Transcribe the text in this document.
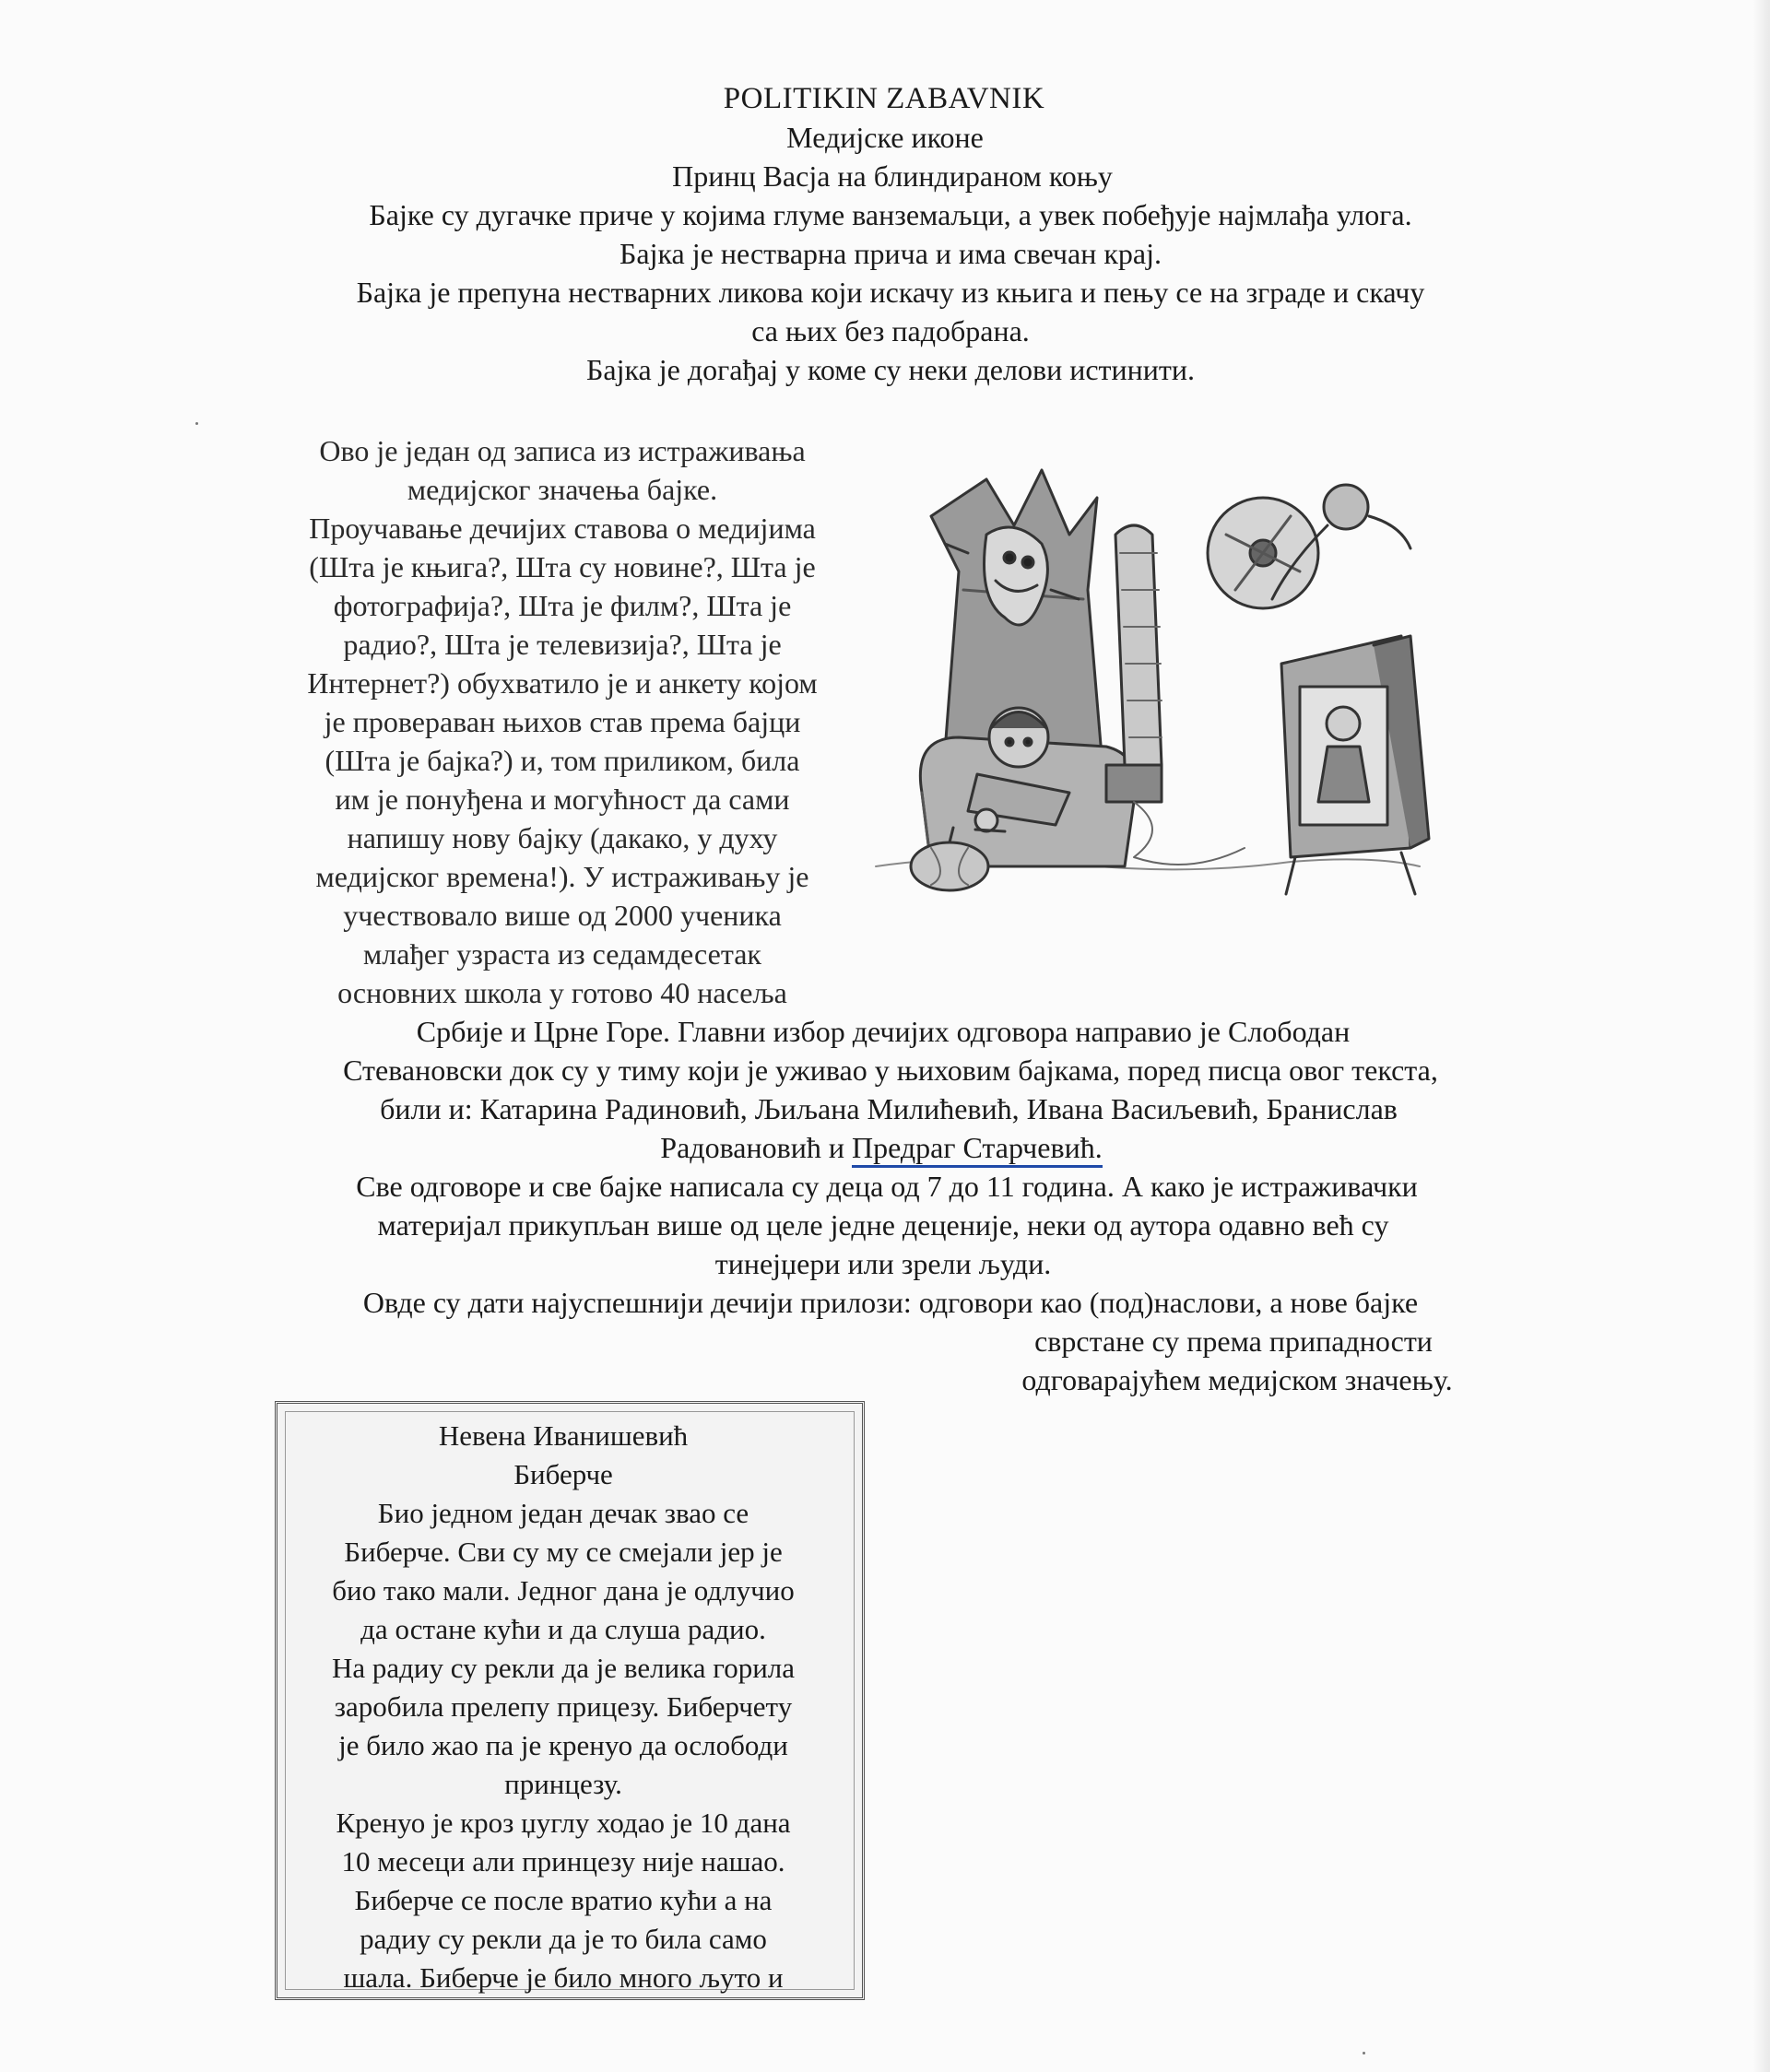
POLITIKIN ZABAVNIK
Медијске иконе
Принц Васја на блиндираном коњу
Бајке су дугачке приче у којима глуме ванземаљци, а увек побеђује најмлађа улога.
Бајка је нестварна прича и има свечан крај.
Бајка је препуна нестварних ликова који искачу из књига и пењу се на зграде и скачу
са њих без падобрана.
Бајка је догађај у коме су неки делови истинити.
Ово је један од записа из истраживања
медијског значења бајке.
Проучавање дечијих ставова о медијима
(Шта је књига?, Шта су новине?, Шта је
фотографија?, Шта је филм?, Шта је
радио?, Шта је телевизија?, Шта је
Интернет?) обухватило је и анкету којом
је проверaван њихов став према бајци
(Шта је бајка?) и, том приликом, била
им је понуђена и могућност да сами
напишу нову бајку (дакако, у духу
медијског времена!). У истраживању је
учествовало више од 2000 ученика
млађег узраста из седамдесетак
основних школа у готово 40 насеља
Србије и Црне Горе. Главни избор дечијих одговора направио је Слободан
Стевановски док су у тиму који је уживао у њиховим бајкама, поред писца овог текста,
били и: Катарина Радиновић, Љиљана Милићевић, Ивана Васиљевић, Бранислав
Радовановић и Предраг Старчевић.
Све одговоре и све бајке написала су деца од 7 до 11 година. А како је истраживачки
материјал прикупљан више од целе једне деценије, неки од аутора одавно већ су
тинејџери или зрели људи.
Овде су дати најуспешнији дечији прилози: одговори као (под)наслови, а нове бајке
сврстане су према припадности
одговарајућем медијском значењу.
Невена Иванишевић
Биберче
Био једном један дечак звао се
Биберче. Сви су му се смејали јер је
био тако мали. Једног дана је одлучио
да остане кући и да слуша радио.
На радиу су рекли да је велика горила
заробила прелепу прицезу. Биберчету
је било жао па је кренуо да ослободи
принцезу.
Кренуо је кроз џуглу ходао је 10 дана
10 месеци али принцезу није нашао.
Биберче се после вратио кући а на
радиу су рекли да је то била само
шала. Биберче је било много љуто и
